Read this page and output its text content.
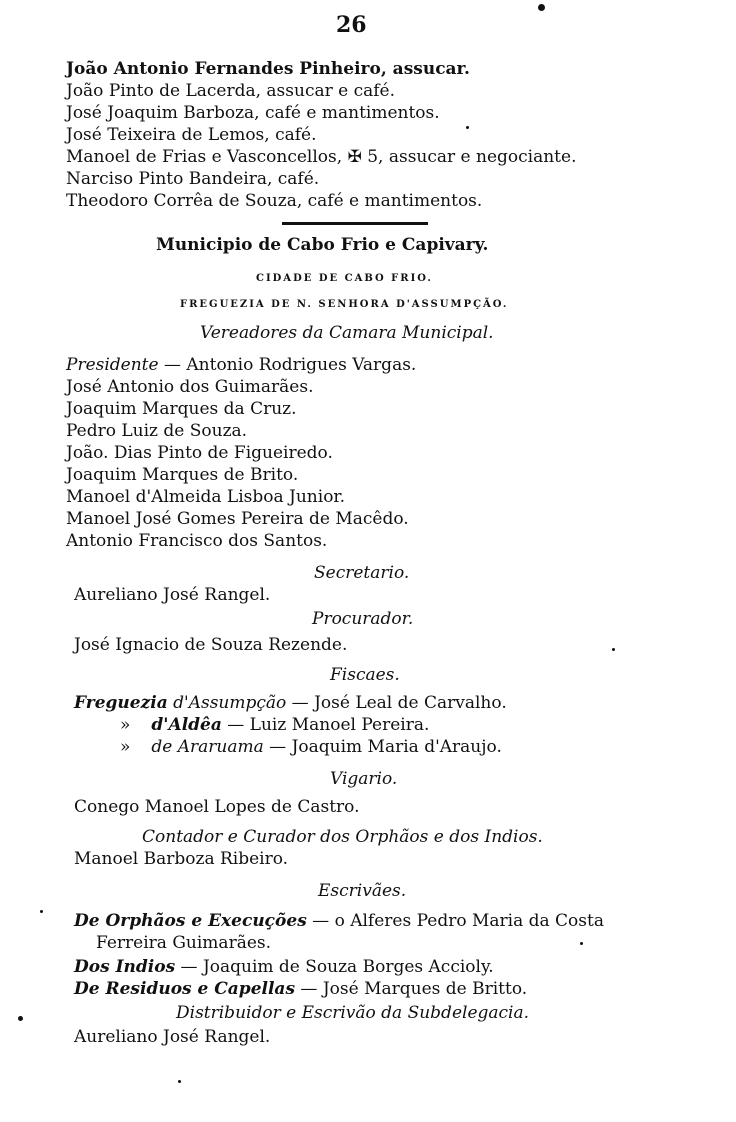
26
João Antonio Fernandes Pinheiro, assucar.
João Pinto de Lacerda, assucar e café.
José Joaquim Barboza, café e mantimentos.
José Teixeira de Lemos, café.
Manoel de Frias e Vasconcellos, ✠ 5, assucar e negociante.
Narciso Pinto Bandeira, café.
Theodoro Corrêa de Souza, café e mantimentos.
Municipio de Cabo Frio e Capivary.
CIDADE DE CABO FRIO.
FREGUEZIA DE N. SENHORA D'ASSUMPÇÃO.
Vereadores da Camara Municipal.
Presidente — Antonio Rodrigues Vargas.
José Antonio dos Guimarães.
Joaquim Marques da Cruz.
Pedro Luiz de Souza.
João. Dias Pinto de Figueiredo.
Joaquim Marques de Brito.
Manoel d'Almeida Lisboa Junior.
Manoel José Gomes Pereira de Macêdo.
Antonio Francisco dos Santos.
Secretario.
Aureliano José Rangel.
Procurador.
José Ignacio de Souza Rezende.
Fiscaes.
Freguezia d'Assumpção — José Leal de Carvalho.
» d'Aldêa — Luiz Manoel Pereira.
» de Araruama — Joaquim Maria d'Araujo.
Vigario.
Conego Manoel Lopes de Castro.
Contador e Curador dos Orphãos e dos Indios.
Manoel Barboza Ribeiro.
Escrivães.
De Orphãos e Execuções — o Alferes Pedro Maria da Costa
Ferreira Guimarães.
Dos Indios — Joaquim de Souza Borges Accioly.
De Residuos e Capellas — José Marques de Britto.
Distribuidor e Escrivão da Subdelegacia.
Aureliano José Rangel.
